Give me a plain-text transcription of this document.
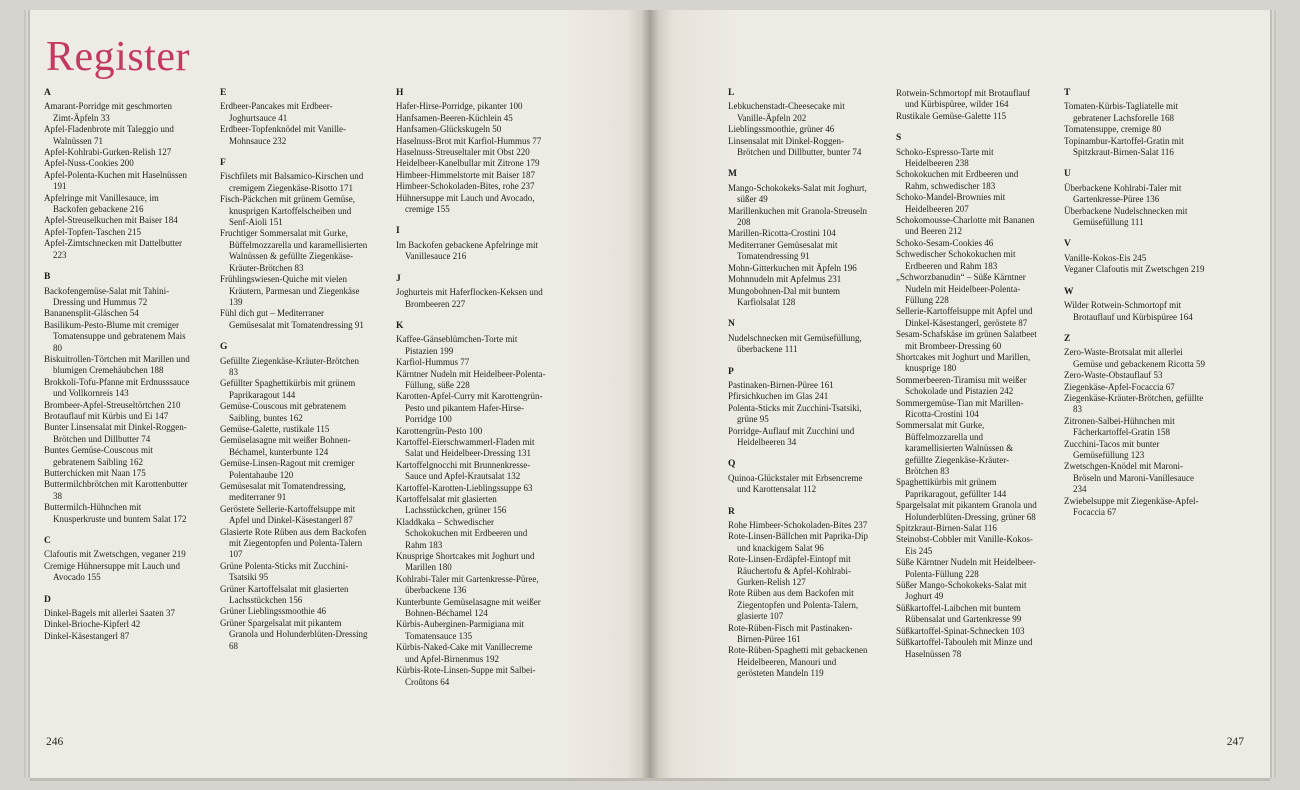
Register
A
Amarant-Porridge mit geschmorten Zimt-Äpfeln 33
Apfel-Fladenbrote mit Taleggio und Walnüssen 71
Apfel-Kohlrabi-Gurken-Relish 127
Apfel-Nuss-Cookies 200
Apfel-Polenta-Kuchen mit Haselnüssen 191
Apfelringe mit Vanillesauce, im Backofen gebackene 216
Apfel-Streuselkuchen mit Baiser 184
Apfel-Topfen-Taschen 215
Apfel-Zimtschnecken mit Dattelbutter 223
B
Backofengemüse-Salat mit Tahini-Dressing und Hummus 72
Bananensplit-Gläschen 54
Basilikum-Pesto-Blume mit cremiger Tomatensuppe und gebratenem Mais 80
Biskuitrollen-Törtchen mit Marillen und blumigen Cremehäubchen 188
Brokkoli-Tofu-Pfanne mit Erdnusssauce und Vollkornreis 143
Brombeer-Apfel-Streuseltörtchen 210
Brotauflauf mit Kürbis und Ei 147
Bunter Linsensalat mit Dinkel-Roggen-Brötchen und Dillbutter 74
Buntes Gemüse-Couscous mit gebratenem Saibling 162
Butterchicken mit Naan 175
Buttermilchbrötchen mit Karottenbutter 38
Buttermilch-Hühnchen mit Knusperkruste und buntem Salat 172
C
Clafoutis mit Zwetschgen, veganer 219
Cremige Hühnersuppe mit Lauch und Avocado 155
D
Dinkel-Bagels mit allerlei Saaten 37
Dinkel-Brioche-Kipferl 42
Dinkel-Käsestangerl 87
E
Erdbeer-Pancakes mit Erdbeer-Joghurtsauce 41
Erdbeer-Topfenknödel mit Vanille-Mohnsauce 232
F
Fischfilets mit Balsamico-Kirschen und cremigem Ziegenkäse-Risotto 171
Fisch-Päckchen mit grünem Gemüse, knusprigen Kartoffelscheiben und Senf-Aioli 151
Fruchtiger Sommersalat mit Gurke, Büffelmozzarella und karamellisierten Walnüssen & gefüllte Ziegenkäse-Kräuter-Brötchen 83
Frühlingswiesen-Quiche mit vielen Kräutern, Parmesan und Ziegenkäse 139
Fühl dich gut – Mediterraner Gemüsesalat mit Tomatendressing 91
G
Gefüllte Ziegenkäse-Kräuter-Brötchen 83
Gefüllter Spaghettikürbis mit grünem Paprikaragout 144
Gemüse-Couscous mit gebratenem Saibling, buntes 162
Gemüse-Galette, rustikale 115
Gemüselasagne mit weißer Bohnen-Béchamel, kunterbunte 124
Gemüse-Linsen-Ragout mit cremiger Polentahaube 120
Gemüsesalat mit Tomatendressing, mediterraner 91
Geröstete Sellerie-Kartoffelsuppe mit Apfel und Dinkel-Käsestangerl 87
Glasierte Rote Rüben aus dem Backofen mit Ziegentopfen und Polenta-Talern 107
Grüne Polenta-Sticks mit Zucchini-Tsatsiki 95
Grüner Kartoffelsalat mit glasierten Lachsstückchen 156
Grüner Lieblingssmoothie 46
Grüner Spargelsalat mit pikantem Granola und Holunderblüten-Dressing 68
H
Hafer-Hirse-Porridge, pikanter 100
Hanfsamen-Beeren-Küchlein 45
Hanfsamen-Glückskugeln 50
Haselnuss-Brot mit Karfiol-Hummus 77
Haselnuss-Streuseltaler mit Obst 220
Heidelbeer-Kanelbullar mit Zitrone 179
Himbeer-Himmelstorte mit Baiser 187
Himbeer-Schokoladen-Bites, rohe 237
Hühnersuppe mit Lauch und Avocado, cremige 155
I
Im Backofen gebackene Apfelringe mit Vanillesauce 216
J
Joghurteis mit Haferflocken-Keksen und Brombeeren 227
K
Kaffee-Gänseblümchen-Torte mit Pistazien 199
Karfiol-Hummus 77
Kärntner Nudeln mit Heidelbeer-Polenta-Füllung, süße 228
Karotten-Apfel-Curry mit Karottengrün-Pesto und pikantem Hafer-Hirse-Porridge 100
Karottengrün-Pesto 100
Kartoffel-Eierschwammerl-Fladen mit Salat und Heidelbeer-Dressing 131
Kartoffelgnocchi mit Brunnenkresse-Sauce und Apfel-Krautsalat 132
Kartoffel-Karotten-Lieblingssuppe 63
Kartoffelsalat mit glasierten Lachsstückchen, grüner 156
Kladdkaka – Schwedischer Schokokuchen mit Erdbeeren und Rahm 183
Knusprige Shortcakes mit Joghurt und Marillen 180
Kohlrabi-Taler mit Gartenkresse-Püree, überbackene 136
Kunterbunte Gemüselasagne mit weißer Bohnen-Béchamel 124
Kürbis-Auberginen-Parmigiana mit Tomatensauce 135
Kürbis-Naked-Cake mit Vanillecreme und Apfel-Birnenmus 192
Kürbis-Rote-Linsen-Suppe mit Salbei-Croûtons 64
246
L
Lebkuchenstadt-Cheesecake mit Vanille-Äpfeln 202
Lieblingssmoothie, grüner 46
Linsensalat mit Dinkel-Roggen-Brötchen und Dillbutter, bunter 74
M
Mango-Schokokeks-Salat mit Joghurt, süßer 49
Marillenkuchen mit Granola-Streuseln 208
Marillen-Ricotta-Crostini 104
Mediterraner Gemüsesalat mit Tomatendressing 91
Mohn-Gitterkuchen mit Äpfeln 196
Mohnnudeln mit Apfelmus 231
Mungobohnen-Dal mit buntem Karfiolsalat 128
N
Nudelschnecken mit Gemüsefüllung, überbackene 111
P
Pastinaken-Birnen-Püree 161
Pfirsichkuchen im Glas 241
Polenta-Sticks mit Zucchini-Tsatsiki, grüne 95
Porridge-Auflauf mit Zucchini und Heidelbeeren 34
Q
Quinoa-Glückstaler mit Erbsencreme und Karottensalat 112
R
Rohe Himbeer-Schokoladen-Bites 237
Rote-Linsen-Bällchen mit Paprika-Dip und knackigem Salat 96
Rote-Linsen-Erdäpfel-Eintopf mit Räuchertofu & Apfel-Kohlrabi-Gurken-Relish 127
Rote Rüben aus dem Backofen mit Ziegentopfen und Polenta-Talern, glasierte 107
Rote-Rüben-Fisch mit Pastinaken-Birnen-Püree 161
Rote-Rüben-Spaghetti mit gebackenen Heidelbeeren, Manouri und gerösteten Mandeln 119
Rotwein-Schmortopf mit Brotauflauf und Kürbispüree, wilder 164
Rustikale Gemüse-Galette 115
S
Schoko-Espresso-Tarte mit Heidelbeeren 238
Schokokuchen mit Erdbeeren und Rahm, schwedischer 183
Schoko-Mandel-Brownies mit Heidelbeeren 207
Schokomousse-Charlotte mit Bananen und Beeren 212
Schoko-Sesam-Cookies 46
Schwedischer Schokokuchen mit Erdbeeren und Rahm 183
„Schworzbanudin“ – Süße Kärntner Nudeln mit Heidelbeer-Polenta-Füllung 228
Sellerie-Kartoffelsuppe mit Apfel und Dinkel-Käsestangerl, geröstete 87
Sesam-Schafskäse im grünen Salatbeet mit Brombeer-Dressing 60
Shortcakes mit Joghurt und Marillen, knusprige 180
Sommerbeeren-Tiramisu mit weißer Schokolade und Pistazien 242
Sommergemüse-Tian mit Marillen-Ricotta-Crostini 104
Sommersalat mit Gurke, Büffelmozzarella und karamellisierten Walnüssen & gefüllte Ziegenkäse-Kräuter-Brötchen 83
Spaghettikürbis mit grünem Paprikaragout, gefüllter 144
Spargelsalat mit pikantem Granola und Holunderblüten-Dressing, grüner 68
Spitzkraut-Birnen-Salat 116
Steinobst-Cobbler mit Vanille-Kokos-Eis 245
Süße Kärntner Nudeln mit Heidelbeer-Polenta-Füllung 228
Süßer Mango-Schokokeks-Salat mit Joghurt 49
Süßkartoffel-Laibchen mit buntem Rübensalat und Gartenkresse 99
Süßkartoffel-Spinat-Schnecken 103
Süßkartoffel-Tabouleh mit Minze und Haselnüssen 78
T
Tomaten-Kürbis-Tagliatelle mit gebratener Lachsforelle 168
Tomatensuppe, cremige 80
Topinambur-Kartoffel-Gratin mit Spitzkraut-Birnen-Salat 116
U
Überbackene Kohlrabi-Taler mit Gartenkresse-Püree 136
Überbackene Nudelschnecken mit Gemüsefüllung 111
V
Vanille-Kokos-Eis 245
Veganer Clafoutis mit Zwetschgen 219
W
Wilder Rotwein-Schmortopf mit Brotauflauf und Kürbispüree 164
Z
Zero-Waste-Brotsalat mit allerlei Gemüse und gebackenem Ricotta 59
Zero-Waste-Obstauflauf 53
Ziegenkäse-Apfel-Focaccia 67
Ziegenkäse-Kräuter-Brötchen, gefüllte 83
Zitronen-Salbei-Hühnchen mit Fächerkartoffel-Gratin 158
Zucchini-Tacos mit bunter Gemüsefüllung 123
Zwetschgen-Knödel mit Maroni-Bröseln und Maroni-Vanillesauce 234
Zwiebelsuppe mit Ziegenkäse-Apfel-Focaccia 67
247
